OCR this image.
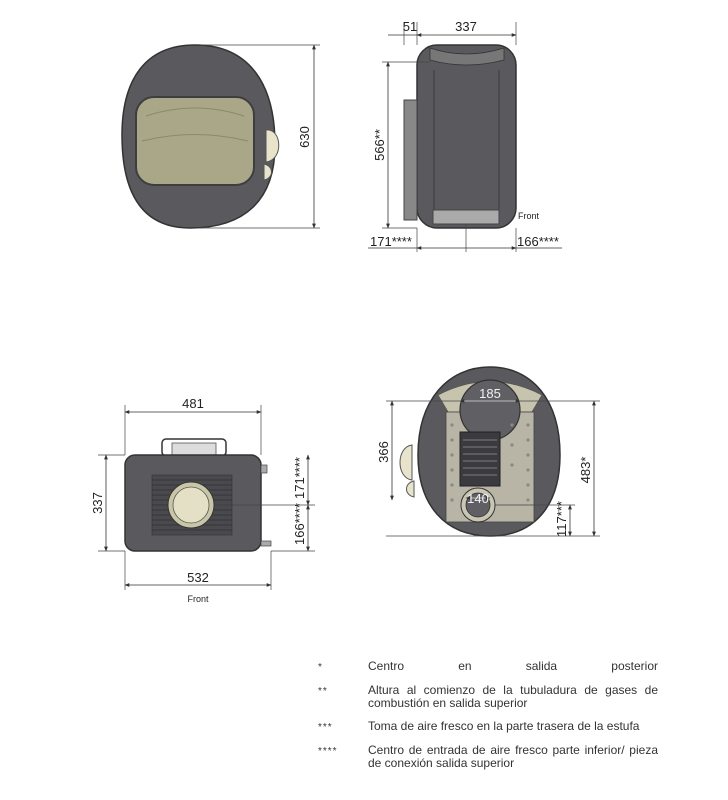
630
51	337
566**
Front
171****	166****
481
337
171****
166****
532
Front
185
140
366
483*
117***
*	Centro en salida posterior
**	Altura al comienzo de la tubuladura de gases de combustión en salida superior
***	Toma de aire fresco en la parte trasera de la estufa
****	Centro de entrada de aire fresco parte inferior/ pieza de conexión salida superior
